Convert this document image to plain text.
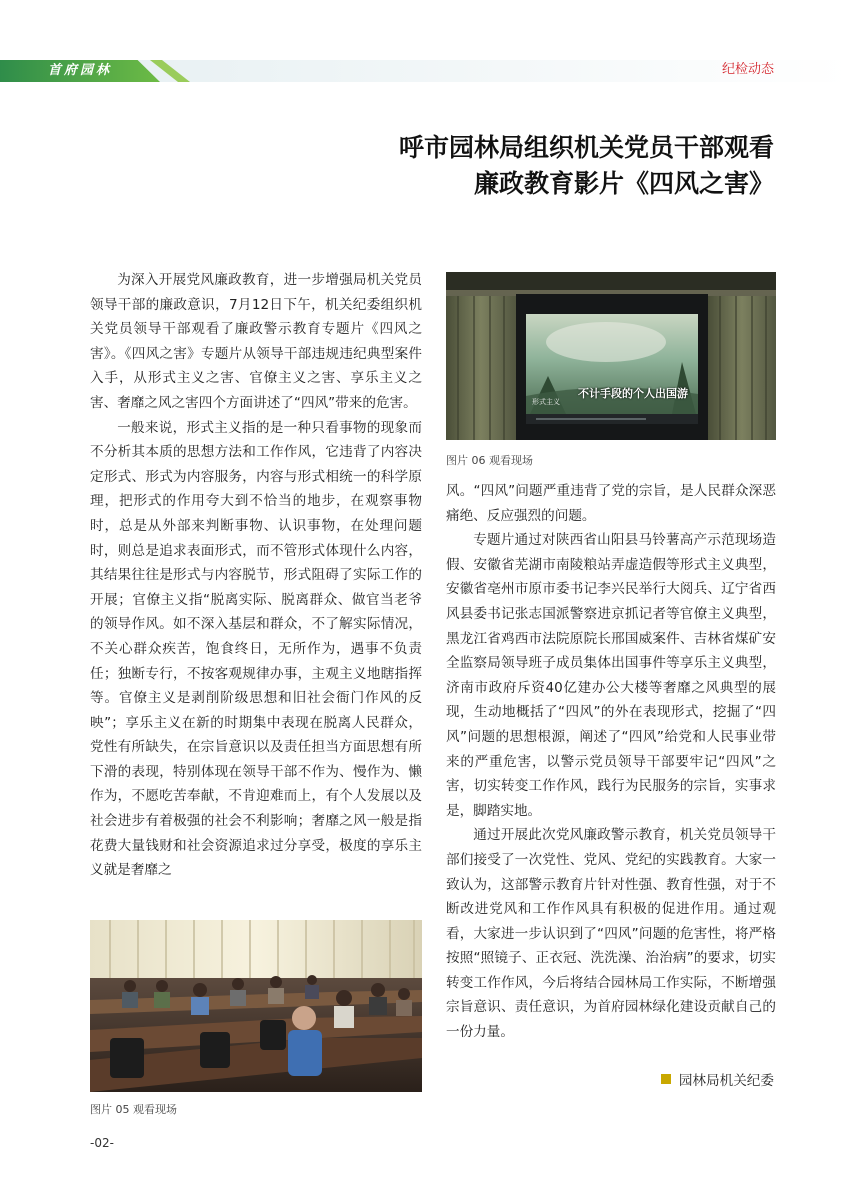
首府园林	纪检动态
呼市园林局组织机关党员干部观看
廉政教育影片《四风之害》

为深入开展党风廉政教育，进一步增强局机关党员领导干部的廉政意识，7月12日下午，机关纪委组织机关党员领导干部观看了廉政警示教育专题片《四风之害》。《四风之害》专题片从领导干部违规违纪典型案件入手，从形式主义之害、官僚主义之害、享乐主义之害、奢靡之风之害四个方面讲述了“四风”带来的危害。

一般来说，形式主义指的是一种只看事物的现象而不分析其本质的思想方法和工作作风，它违背了内容决定形式、形式为内容服务，内容与形式相统一的科学原理，把形式的作用夸大到不恰当的地步，在观察事物时，总是从外部来判断事物、认识事物，在处理问题时，则总是追求表面形式，而不管形式体现什么内容，其结果往往是形式与内容脱节，形式阻碍了实际工作的开展；官僚主义指“脱离实际、脱离群众、做官当老爷的领导作风。如不深入基层和群众，不了解实际情况，不关心群众疾苦，饱食终日，无所作为，遇事不负责任；独断专行，不按客观规律办事，主观主义地瞎指挥等。官僚主义是剥削阶级思想和旧社会衙门作风的反映”；享乐主义在新的时期集中表现在脱离人民群众，党性有所缺失，在宗旨意识以及责任担当方面思想有所下滑的表现，特别体现在领导干部不作为、慢作为、懒作为，不愿吃苦奉献，不肯迎难而上，有个人发展以及社会进步有着极强的社会不利影响；奢靡之风一般是指花费大量钱财和社会资源追求过分享受，极度的享乐主义就是奢靡之

不计手段的个人出国游
形式主义
图片 06 观看现场

风。“四风”问题严重违背了党的宗旨，是人民群众深恶痛绝、反应强烈的问题。

专题片通过对陕西省山阳县马铃薯高产示范现场造假、安徽省芜湖市南陵粮站弄虚造假等形式主义典型，安徽省亳州市原市委书记李兴民举行大阅兵、辽宁省西风县委书记张志国派警察进京抓记者等官僚主义典型，黑龙江省鸡西市法院原院长邢国威案件、吉林省煤矿安全监察局领导班子成员集体出国事件等享乐主义典型，济南市政府斥资40亿建办公大楼等奢靡之风典型的展现，生动地概括了“四风”的外在表现形式，挖掘了“四风”问题的思想根源，阐述了“四风”给党和人民事业带来的严重危害，以警示党员领导干部要牢记“四风”之害，切实转变工作作风，践行为民服务的宗旨，实事求是，脚踏实地。

通过开展此次党风廉政警示教育，机关党员领导干部们接受了一次党性、党风、党纪的实践教育。大家一致认为，这部警示教育片针对性强、教育性强，对于不断改进党风和工作作风具有积极的促进作用。通过观看，大家进一步认识到了“四风”问题的危害性，将严格按照“照镜子、正衣冠、洗洗澡、治治病”的要求，切实转变工作作风，今后将结合园林局工作实际，不断增强宗旨意识、责任意识，为首府园林绿化建设贡献自己的一份力量。

园林局机关纪委
图片 05 观看现场
-02-
